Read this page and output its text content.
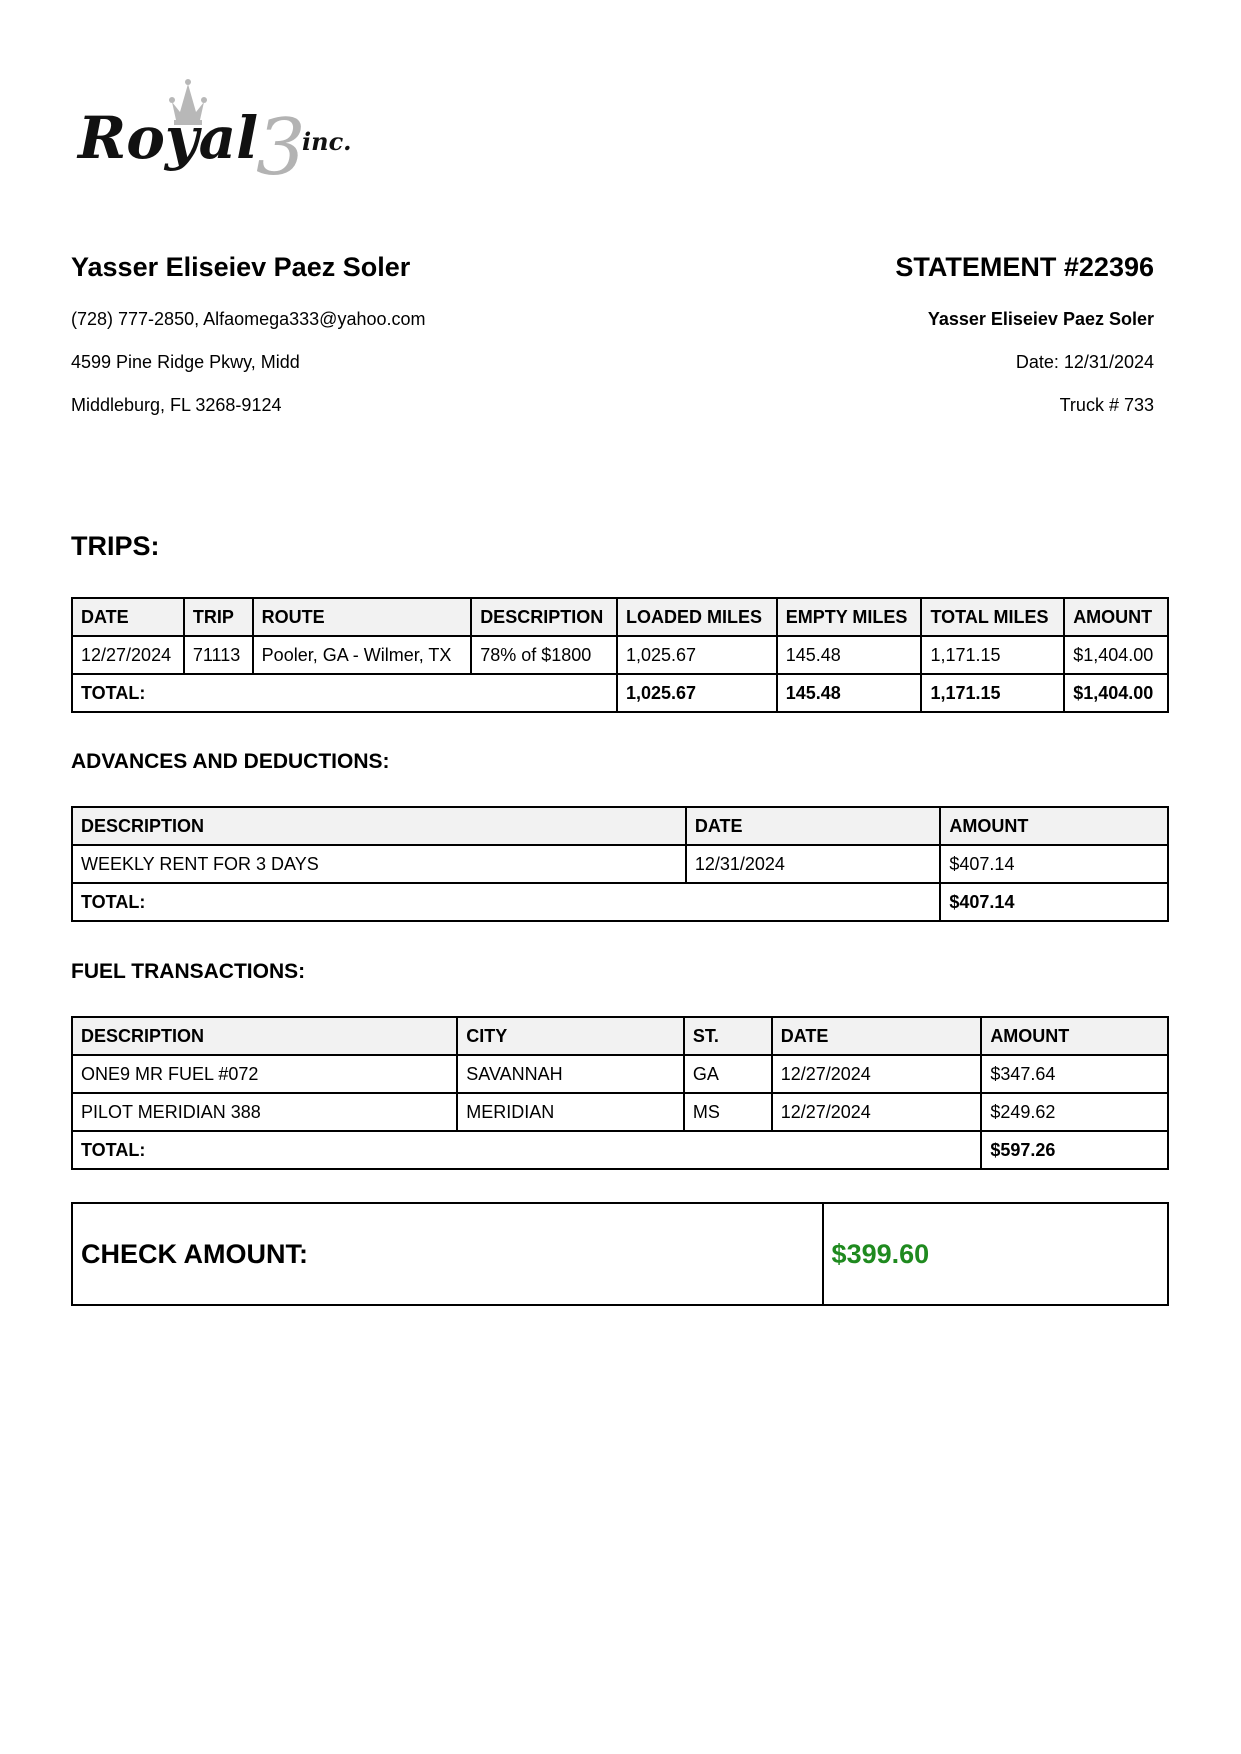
Royal
3
inc.

Yasser Eliseiev Paez Soler

(728) 777-2850, Alfaomega333@yahoo.com

4599 Pine Ridge Pkwy, Midd

Middleburg, FL 3268-9124

STATEMENT #22396

Yasser Eliseiev Paez Soler

Date: 12/31/2024

Truck # 733

TRIPS:
DATE	TRIP	ROUTE	DESCRIPTION	LOADED MILES	EMPTY MILES	TOTAL MILES	AMOUNT
12/27/2024	71113	Pooler, GA - Wilmer, TX	78% of $1800	1,025.67	145.48	1,171.15	$1,404.00
TOTAL:				1,025.67	145.48	1,171.15	$1,404.00
ADVANCES AND DEDUCTIONS:
DESCRIPTION	DATE	AMOUNT
WEEKLY RENT FOR 3 DAYS	12/31/2024	$407.14
TOTAL:		$407.14
FUEL TRANSACTIONS:
DESCRIPTION	CITY	ST.	DATE	AMOUNT
ONE9 MR FUEL #072	SAVANNAH	GA	12/27/2024	$347.64
PILOT MERIDIAN 388	MERIDIAN	MS	12/27/2024	$249.62
TOTAL:				$597.26
CHECK AMOUNT:	$399.60
